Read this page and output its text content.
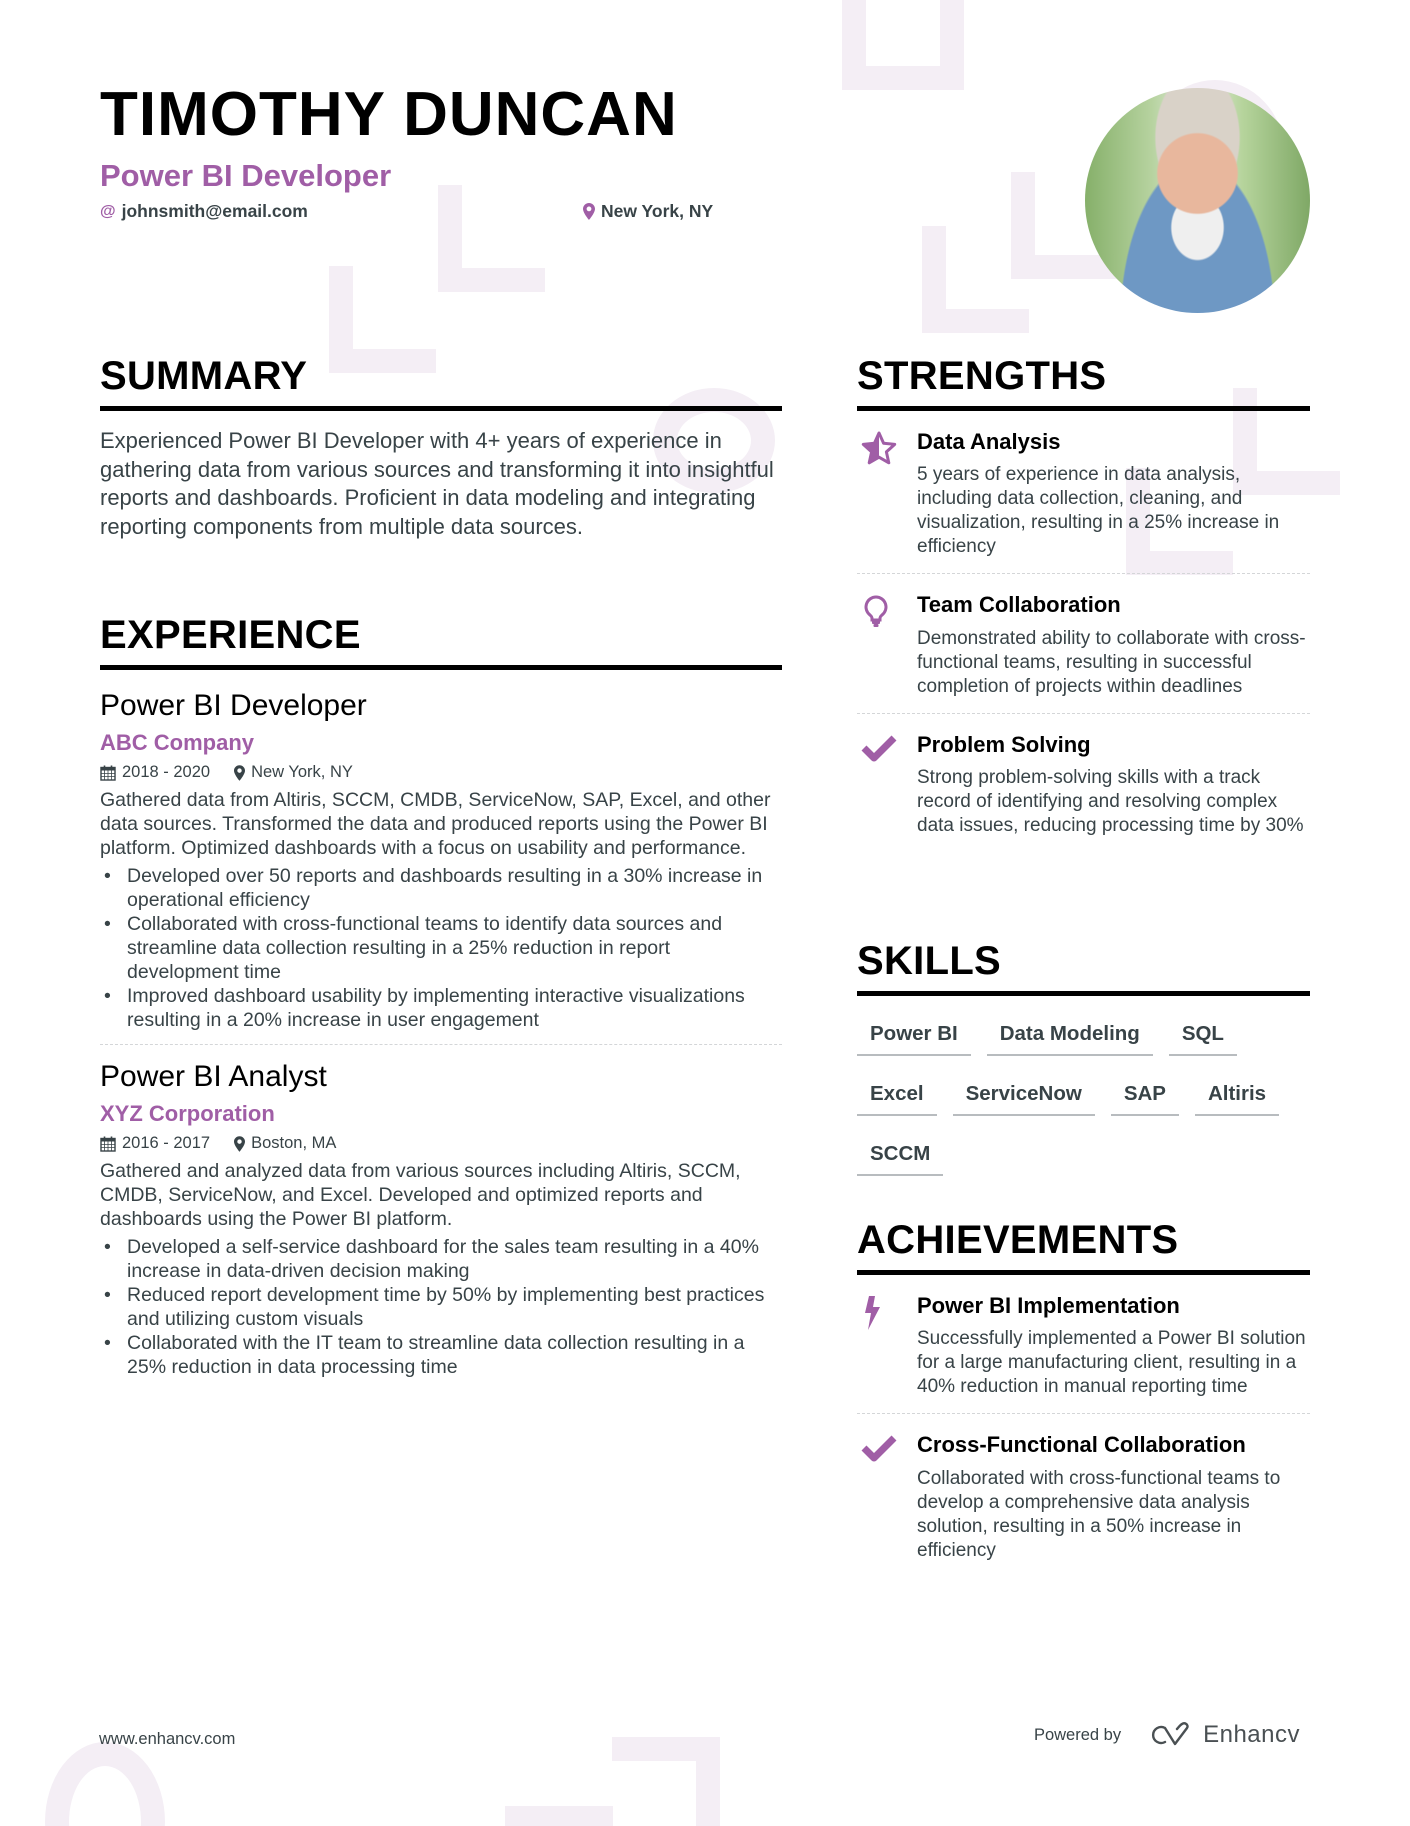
TIMOTHY DUNCAN
Power BI Developer
@ johnsmith@email.com	New York, NY
SUMMARY
Experienced Power BI Developer with 4+ years of experience in gathering data from various sources and transforming it into insightful reports and dashboards. Proficient in data modeling and integrating reporting components from multiple data sources.
EXPERIENCE
Power BI Developer
ABC Company
2018 - 2020 New York, NY
Gathered data from Altiris, SCCM, CMDB, ServiceNow, SAP, Excel, and other data sources. Transformed the data and produced reports using the Power BI platform. Optimized dashboards with a focus on usability and performance.
• Developed over 50 reports and dashboards resulting in a 30% increase in operational efficiency
• Collaborated with cross-functional teams to identify data sources and streamline data collection resulting in a 25% reduction in report development time
• Improved dashboard usability by implementing interactive visualizations resulting in a 20% increase in user engagement
Power BI Analyst
XYZ Corporation
2016 - 2017 Boston, MA
Gathered and analyzed data from various sources including Altiris, SCCM, CMDB, ServiceNow, and Excel. Developed and optimized reports and dashboards using the Power BI platform.
• Developed a self-service dashboard for the sales team resulting in a 40% increase in data-driven decision making
• Reduced report development time by 50% by implementing best practices and utilizing custom visuals
• Collaborated with the IT team to streamline data collection resulting in a 25% reduction in data processing time
STRENGTHS
Data Analysis
5 years of experience in data analysis, including data collection, cleaning, and visualization, resulting in a 25% increase in efficiency
Team Collaboration
Demonstrated ability to collaborate with cross-functional teams, resulting in successful completion of projects within deadlines
Problem Solving
Strong problem-solving skills with a track record of identifying and resolving complex data issues, reducing processing time by 30%
SKILLS
Power BI	Data Modeling	SQL
Excel	ServiceNow	SAP	Altiris
SCCM
ACHIEVEMENTS
Power BI Implementation
Successfully implemented a Power BI solution for a large manufacturing client, resulting in a 40% reduction in manual reporting time
Cross-Functional Collaboration
Collaborated with cross-functional teams to develop a comprehensive data analysis solution, resulting in a 50% increase in efficiency
www.enhancv.com	Powered by	Enhancv
